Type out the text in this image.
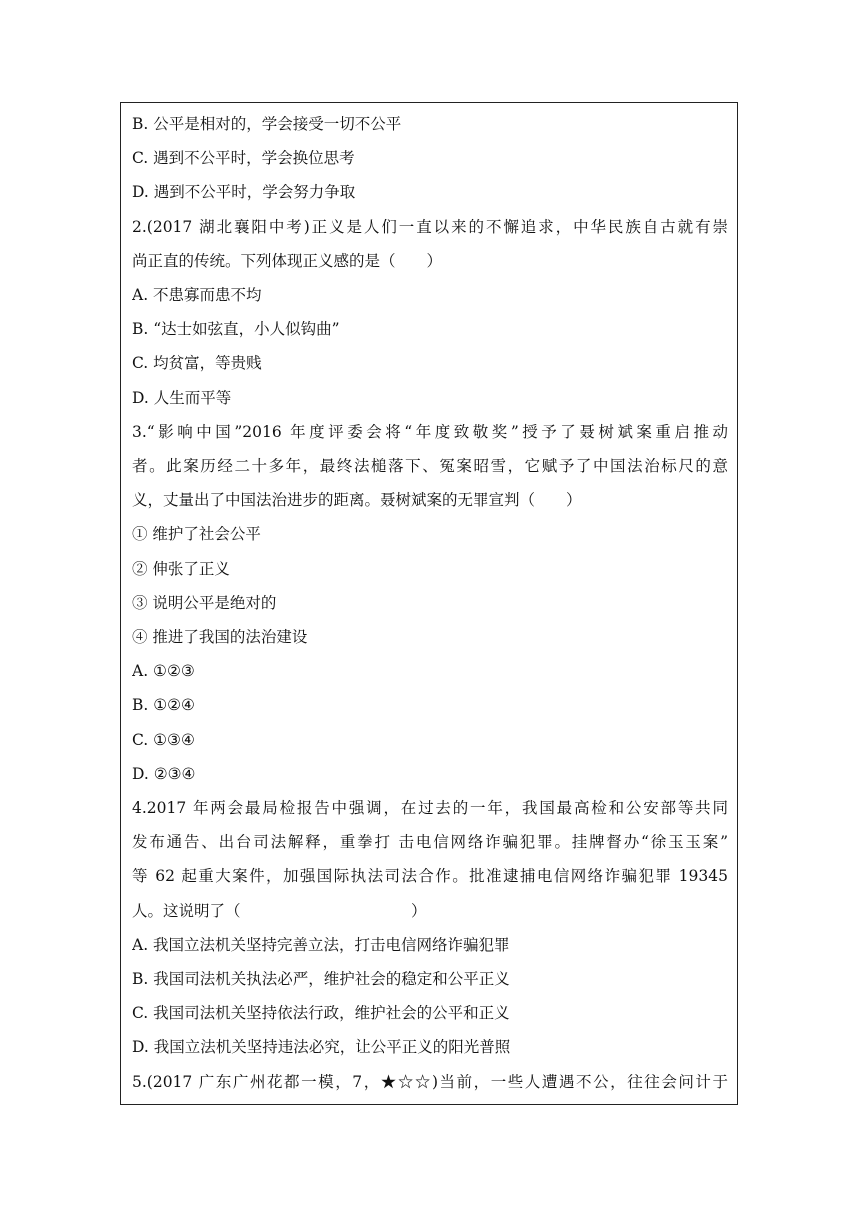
B. 公平是相对的，学会接受一切不公平
C. 遇到不公平时，学会换位思考
D. 遇到不公平时，学会努力争取
2.(2017 湖北襄阳中考)正义是人们一直以来的不懈追求，中华民族自古就有崇
尚正直的传统。下列体现正义感的是（　　）
A. 不患寡而患不均
B. “达士如弦直，小人似钩曲”
C. 均贫富，等贵贱
D. 人生而平等
3.“影响中国”2016 年度评委会将“年度致敬奖”授予了聂树斌案重启推动
者。此案历经二十多年，最终法槌落下、冤案昭雪，它赋予了中国法治标尺的意
义，丈量出了中国法治进步的距离。聂树斌案的无罪宣判（　　）
① 维护了社会公平
② 伸张了正义
③ 说明公平是绝对的
④ 推进了我国的法治建设
A. ①②③
B. ①②④
C. ①③④
D. ②③④
4.2017 年两会最局检报告中强调，在过去的一年，我国最高检和公安部等共同
发布通告、出台司法解释，重拳打 击电信网络诈骗犯罪。挂牌督办“徐玉玉案”
等 62 起重大案件，加强国际执法司法合作。批准逮捕电信网络诈骗犯罪 19345
人。这说明了（　　　　　　　　　　　）
A. 我国立法机关坚持完善立法，打击电信网络诈骗犯罪
B. 我国司法机关执法必严，维护社会的稳定和公平正义
C. 我国司法机关坚持依法行政，维护社会的公平和正义
D. 我国立法机关坚持违法必究，让公平正义的阳光普照
5.(2017 广东广州花都一模，7，★☆☆)当前，一些人遭遇不公，往往会问计于
